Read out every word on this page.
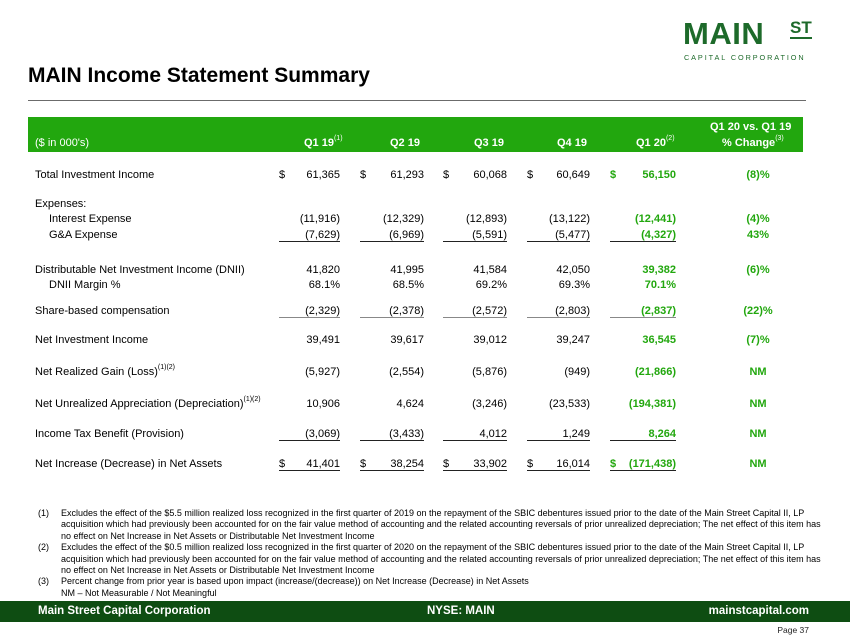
MAIN ST
CAPITAL CORPORATION
MAIN Income Statement Summary
($ in 000's)	Q1 19$^{(1)}$	Q2 19	Q3 19	Q4 19	Q1 20$^{(2)}$
Q1 20 vs. Q1 19
% Change$^{(3)}$
Total Investment Income	$ 61,365 $ 61,293 $ 60,068 $ 60,649 $ 56,150	(8)%
Expenses:
Interest Expense	(11,916)	(12,329)	(12,893)	(13,122)	(12,441)	(4)%
G&A Expense	(7,629)	(6,969)	(5,591)	(5,477)	(4,327)	43%
Distributable Net Investment Income (DNII)	41,820	41,995	41,584	42,050	39,382	(6)%
DNII Margin %	68.1%	68.5%	69.2%	69.3%	70.1%
Share-based compensation	(2,329)	(2,378)	(2,572)	(2,803)	(2,837)	(22)%
Net Investment Income	39,491	39,617	39,012	39,247	36,545	(7)%
Net Realized Gain (Loss)$^{(1)(2)}$	(5,927)	(2,554)	(5,876)	(949)	(21,866)	NM
Net Unrealized Appreciation (Depreciation)$^{(1)(2)}$	10,906	4,624	(3,246)	(23,533)	(194,381)	NM
Income Tax Benefit (Provision)	(3,069)	(3,433)	4,012	1,249	8,264	NM
Net Increase (Decrease) in Net Assets	$ 41,401 $ 38,254 $ 33,902 $ 16,014 $ (171,438)	NM
(1) Excludes the effect of the $5.5 million realized loss recognized in the first quarter of 2019 on the repayment of the SBIC debentures issued prior to the date of the Main Street Capital II, LP acquisition which had previously been accounted for on the fair value method of accounting and the related accounting reversals of prior unrealized depreciation; The net effect of this item has no effect on Net Increase in Net Assets or Distributable Net Investment Income
(2) Excludes the effect of the $0.5 million realized loss recognized in the first quarter of 2020 on the repayment of the SBIC debentures issued prior to the date of the Main Street Capital II, LP acquisition which had previously been accounted for on the fair value method of accounting and the related accounting reversals of prior unrealized depreciation; The net effect of this item has no effect on Net Increase in Net Assets or Distributable Net Investment Income
(3) Percent change from prior year is based upon impact (increase/(decrease)) on Net Increase (Decrease) in Net Assets
NM – Not Measurable / Not Meaningful
Main Street Capital Corporation	NYSE: MAIN	mainstcapital.com
Page 37
